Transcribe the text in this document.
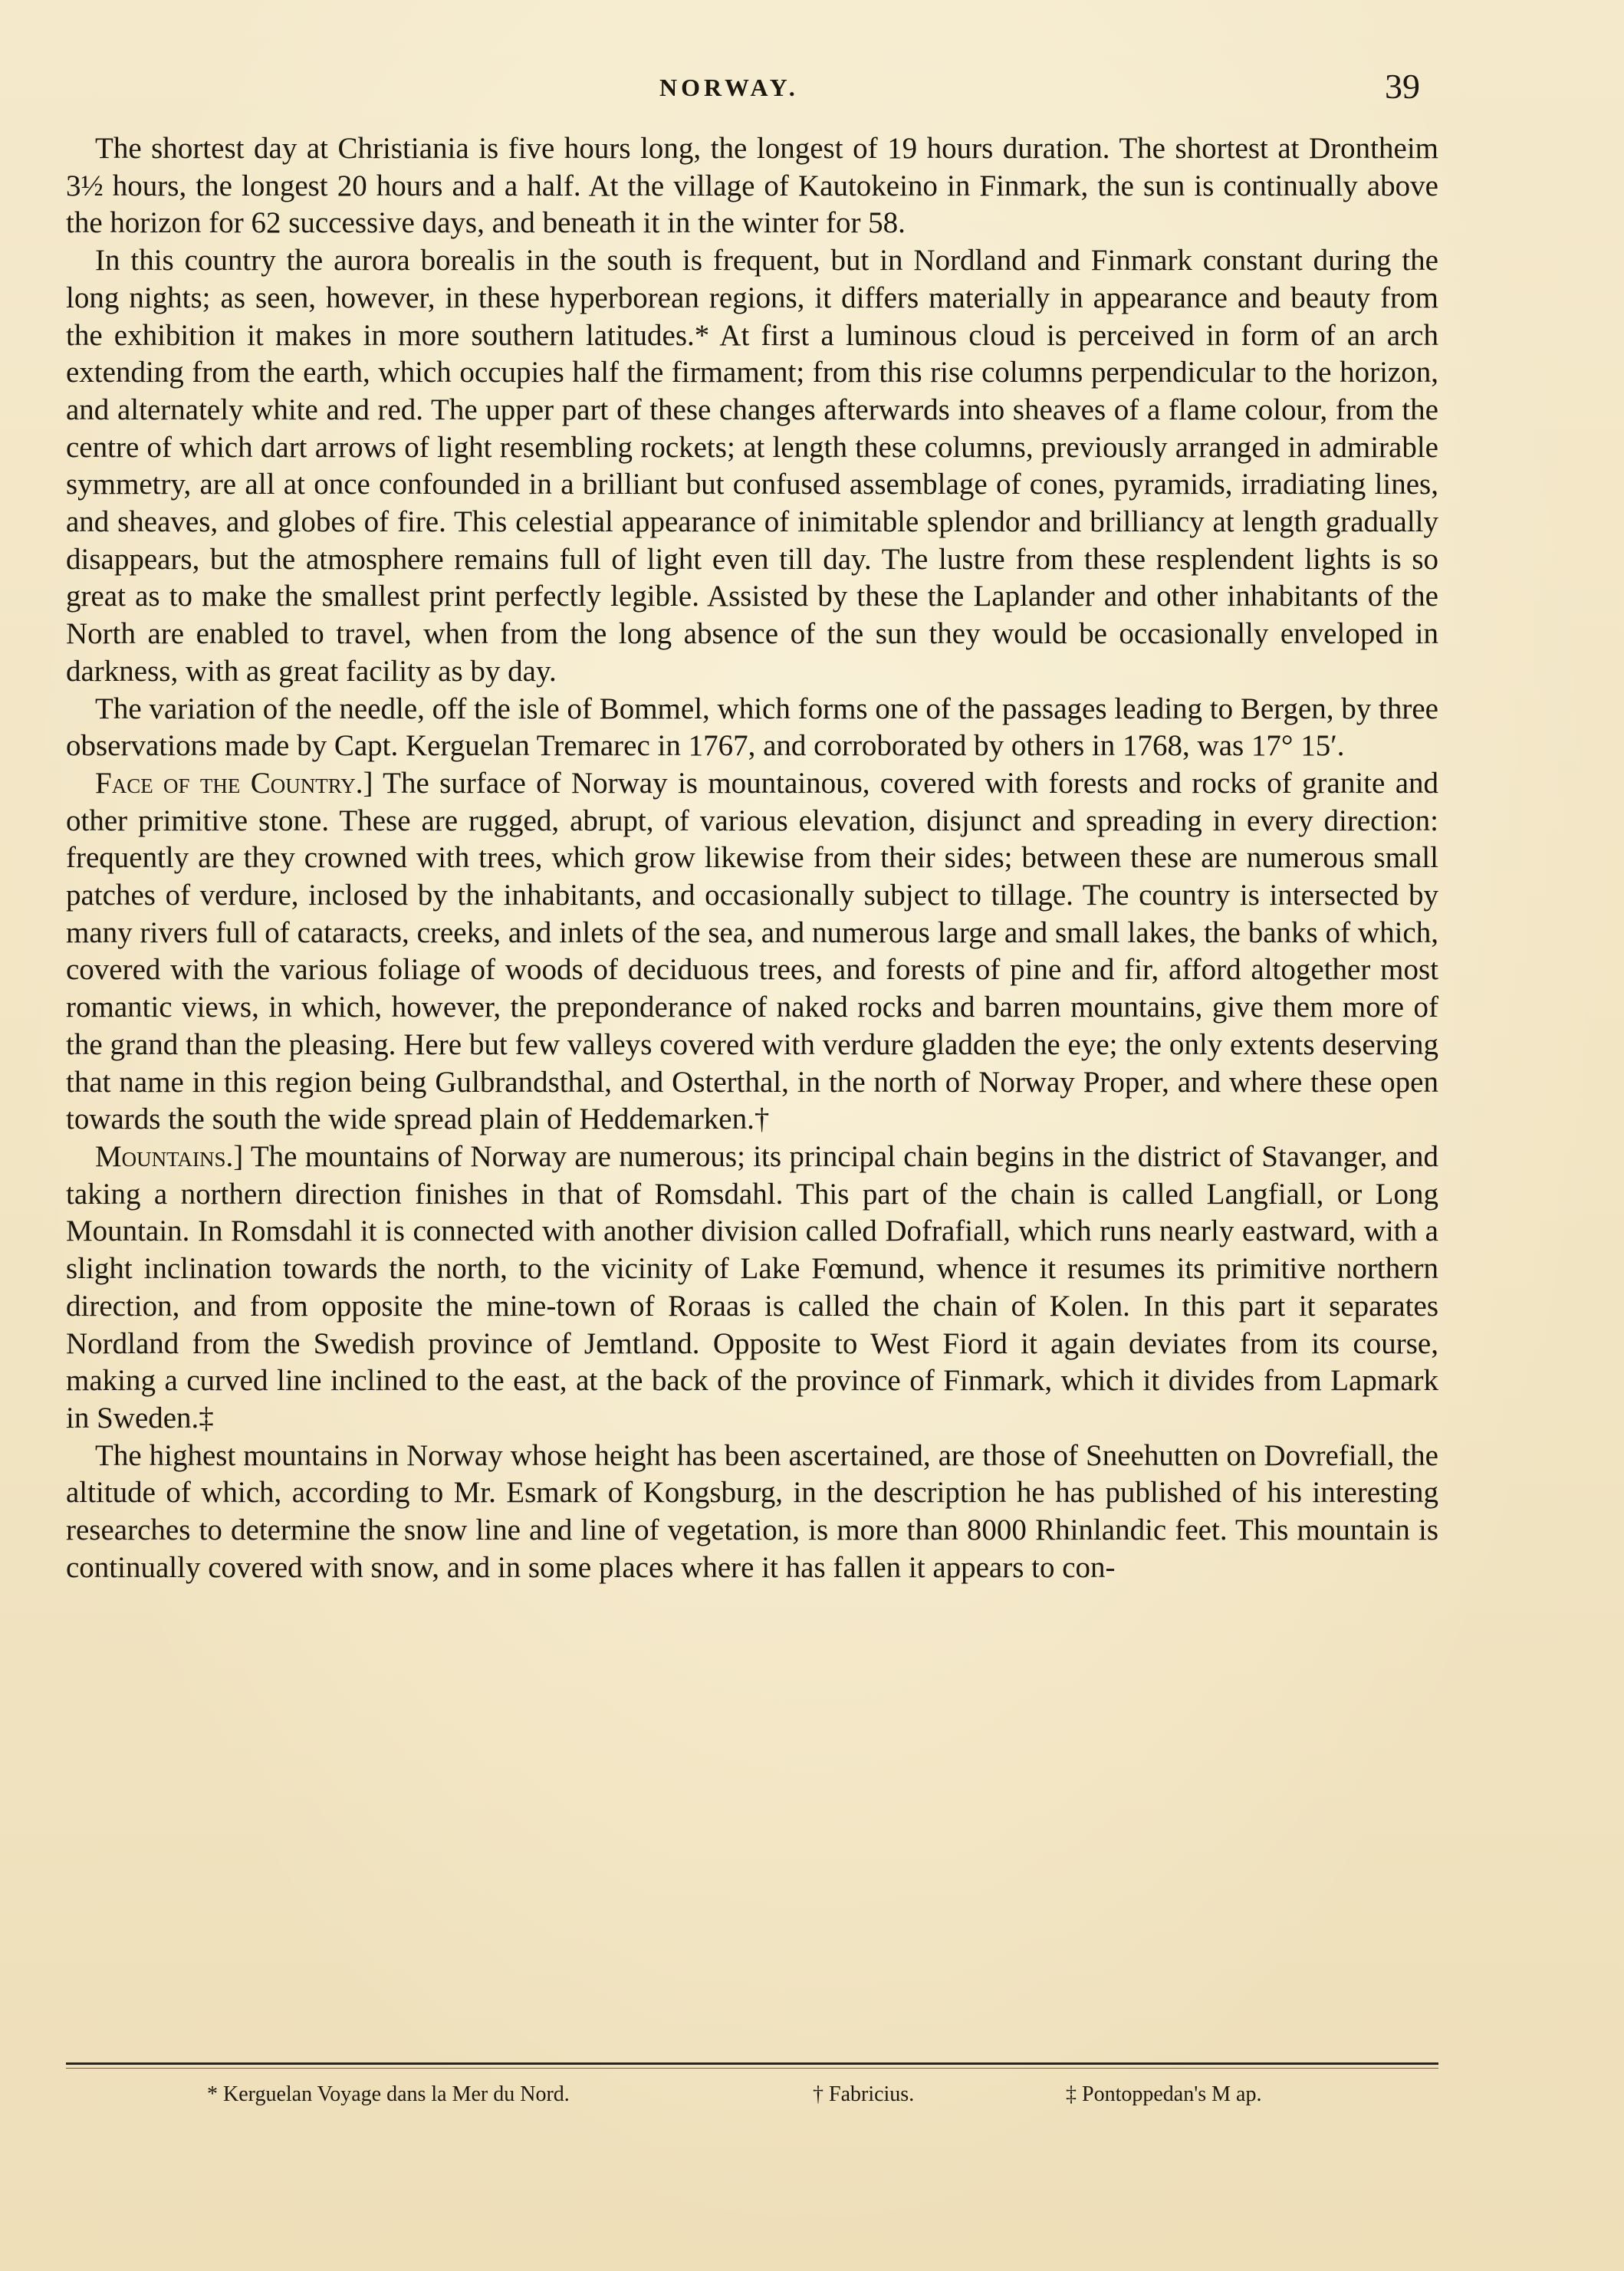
NORWAY.	39

The shortest day at Christiania is five hours long, the longest of 19 hours duration. The shortest at Drontheim 3½ hours, the longest 20 hours and a half. At the village of Kautokeino in Finmark, the sun is continually above the horizon for 62 successive days, and beneath it in the winter for 58.

In this country the aurora borealis in the south is frequent, but in Nordland and Finmark constant during the long nights; as seen, however, in these hyperborean regions, it differs materially in appearance and beauty from the exhibition it makes in more southern latitudes.* At first a luminous cloud is perceived in form of an arch extending from the earth, which occupies half the firmament; from this rise columns perpendicular to the horizon, and alternately white and red. The upper part of these changes afterwards into sheaves of a flame colour, from the centre of which dart arrows of light resembling rockets; at length these columns, previously arranged in admirable symmetry, are all at once confounded in a brilliant but confused assemblage of cones, pyramids, irradiating lines, and sheaves, and globes of fire. This celestial appearance of inimitable splendor and brilliancy at length gradually disappears, but the atmosphere remains full of light even till day. The lustre from these resplendent lights is so great as to make the smallest print perfectly legible. Assisted by these the Laplander and other inhabitants of the North are enabled to travel, when from the long absence of the sun they would be occasionally enveloped in darkness, with as great facility as by day.

The variation of the needle, off the isle of Bommel, which forms one of the passages leading to Bergen, by three observations made by Capt. Kerguelan Tremarec in 1767, and corroborated by others in 1768, was 17° 15′.

Face of the Country.] The surface of Norway is mountainous, covered with forests and rocks of granite and other primitive stone. These are rugged, abrupt, of various elevation, disjunct and spreading in every direction: frequently are they crowned with trees, which grow likewise from their sides; between these are numerous small patches of verdure, inclosed by the inhabitants, and occasionally subject to tillage. The country is intersected by many rivers full of cataracts, creeks, and inlets of the sea, and numerous large and small lakes, the banks of which, covered with the various foliage of woods of deciduous trees, and forests of pine and fir, afford altogether most romantic views, in which, however, the preponderance of naked rocks and barren mountains, give them more of the grand than the pleasing. Here but few valleys covered with verdure gladden the eye; the only extents deserving that name in this region being Gulbrandsthal, and Osterthal, in the north of Norway Proper, and where these open towards the south the wide spread plain of Heddemarken.†

Mountains.] The mountains of Norway are numerous; its principal chain begins in the district of Stavanger, and taking a northern direction finishes in that of Romsdahl. This part of the chain is called Langfiall, or Long Mountain. In Romsdahl it is connected with another division called Dofrafiall, which runs nearly eastward, with a slight inclination towards the north, to the vicinity of Lake Fœmund, whence it resumes its primitive northern direction, and from opposite the mine-town of Roraas is called the chain of Kolen. In this part it separates Nordland from the Swedish province of Jemtland. Opposite to West Fiord it again deviates from its course, making a curved line inclined to the east, at the back of the province of Finmark, which it divides from Lapmark in Sweden.‡

The highest mountains in Norway whose height has been ascertained, are those of Sneehutten on Dovrefiall, the altitude of which, according to Mr. Esmark of Kongsburg, in the description he has published of his interesting researches to determine the snow line and line of vegetation, is more than 8000 Rhinlandic feet. This mountain is continually covered with snow, and in some places where it has fallen it appears to con-

* Kerguelan Voyage dans la Mer du Nord.	† Fabricius.	‡ Pontoppedan's M ap.
